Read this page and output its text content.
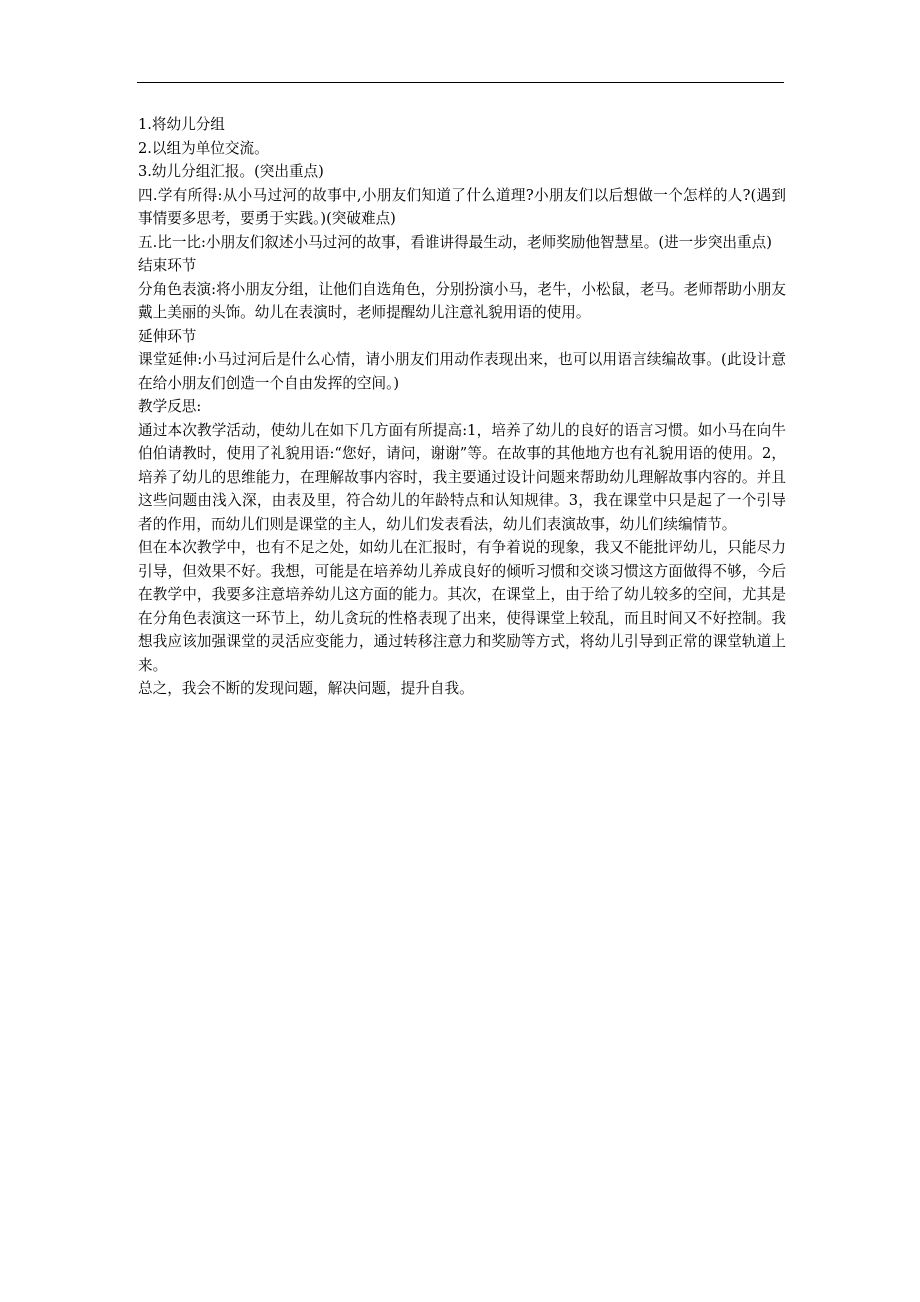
1.将幼儿分组

2.以组为单位交流。

3.幼儿分组汇报。(突出重点)

四.学有所得:从小马过河的故事中,小朋友们知道了什么道理?小朋友们以后想做一个怎样的人?(遇到事情要多思考，要勇于实践。)(突破难点)

五.比一比:小朋友们叙述小马过河的故事，看谁讲得最生动，老师奖励他智慧星。(进一步突出重点)

结束环节

分角色表演:将小朋友分组，让他们自选角色，分别扮演小马，老牛，小松鼠，老马。老师帮助小朋友戴上美丽的头饰。幼儿在表演时，老师提醒幼儿注意礼貌用语的使用。

延伸环节

课堂延伸:小马过河后是什么心情，请小朋友们用动作表现出来，也可以用语言续编故事。(此设计意在给小朋友们创造一个自由发挥的空间。)

教学反思:

通过本次教学活动，使幼儿在如下几方面有所提高:1，培养了幼儿的良好的语言习惯。如小马在向牛伯伯请教时，使用了礼貌用语:“您好，请问，谢谢”等。在故事的其他地方也有礼貌用语的使用。2，培养了幼儿的思维能力，在理解故事内容时，我主要通过设计问题来帮助幼儿理解故事内容的。并且这些问题由浅入深，由表及里，符合幼儿的年龄特点和认知规律。3，我在课堂中只是起了一个引导者的作用，而幼儿们则是课堂的主人，幼儿们发表看法，幼儿们表演故事，幼儿们续编情节。

但在本次教学中，也有不足之处，如幼儿在汇报时，有争着说的现象，我又不能批评幼儿，只能尽力引导，但效果不好。我想，可能是在培养幼儿养成良好的倾听习惯和交谈习惯这方面做得不够，今后在教学中，我要多注意培养幼儿这方面的能力。其次，在课堂上，由于给了幼儿较多的空间，尤其是在分角色表演这一环节上，幼儿贪玩的性格表现了出来，使得课堂上较乱，而且时间又不好控制。我想我应该加强课堂的灵活应变能力，通过转移注意力和奖励等方式，将幼儿引导到正常的课堂轨道上来。

总之，我会不断的发现问题，解决问题，提升自我。
